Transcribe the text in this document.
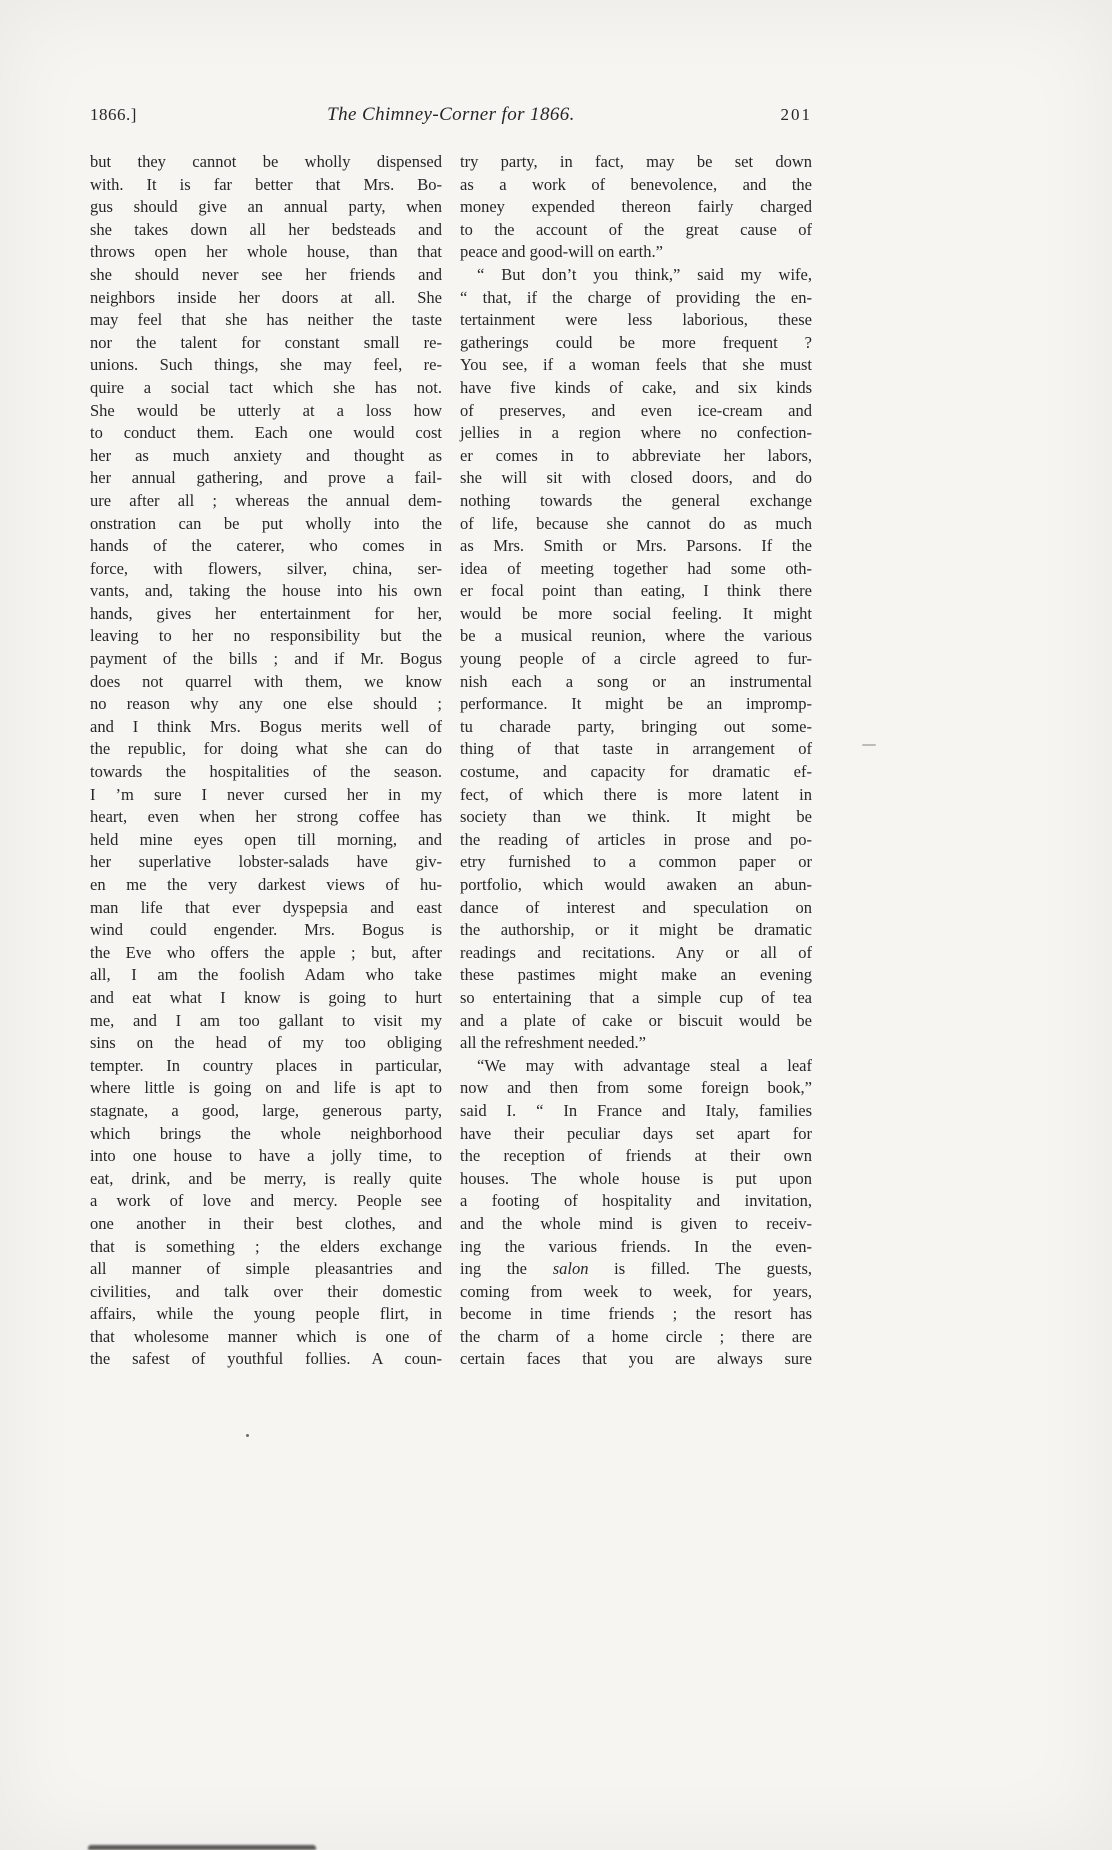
1866.]	The Chimney-Corner for 1866.	201
but they cannot be wholly dispensed
with. It is far better that Mrs. Bo-
gus should give an annual party, when
she takes down all her bedsteads and
throws open her whole house, than that
she should never see her friends and
neighbors inside her doors at all. She
may feel that she has neither the taste
nor the talent for constant small re-
unions. Such things, she may feel, re-
quire a social tact which she has not.
She would be utterly at a loss how
to conduct them. Each one would cost
her as much anxiety and thought as
her annual gathering, and prove a fail-
ure after all ; whereas the annual dem-
onstration can be put wholly into the
hands of the caterer, who comes in
force, with flowers, silver, china, ser-
vants, and, taking the house into his own
hands, gives her entertainment for her,
leaving to her no responsibility but the
payment of the bills ; and if Mr. Bogus
does not quarrel with them, we know
no reason why any one else should ;
and I think Mrs. Bogus merits well of
the republic, for doing what she can do
towards the hospitalities of the season.
I ’m sure I never cursed her in my
heart, even when her strong coffee has
held mine eyes open till morning, and
her superlative lobster-salads have giv-
en me the very darkest views of hu-
man life that ever dyspepsia and east
wind could engender. Mrs. Bogus is
the Eve who offers the apple ; but, after
all, I am the foolish Adam who take
and eat what I know is going to hurt
me, and I am too gallant to visit my
sins on the head of my too obliging
tempter. In country places in particular,
where little is going on and life is apt to
stagnate, a good, large, generous party,
which brings the whole neighborhood
into one house to have a jolly time, to
eat, drink, and be merry, is really quite
a work of love and mercy. People see
one another in their best clothes, and
that is something ; the elders exchange
all manner of simple pleasantries and
civilities, and talk over their domestic
affairs, while the young people flirt, in
that wholesome manner which is one of
the safest of youthful follies. A coun-
try party, in fact, may be set down
as a work of benevolence, and the
money expended thereon fairly charged
to the account of the great cause of
peace and good-will on earth.”
“ But don’t you think,” said my wife,
“ that, if the charge of providing the en-
tertainment were less laborious, these
gatherings could be more frequent ?
You see, if a woman feels that she must
have five kinds of cake, and six kinds
of preserves, and even ice-cream and
jellies in a region where no confection-
er comes in to abbreviate her labors,
she will sit with closed doors, and do
nothing towards the general exchange
of life, because she cannot do as much
as Mrs. Smith or Mrs. Parsons. If the
idea of meeting together had some oth-
er focal point than eating, I think there
would be more social feeling. It might
be a musical reunion, where the various
young people of a circle agreed to fur-
nish each a song or an instrumental
performance. It might be an impromp-
tu charade party, bringing out some-
thing of that taste in arrangement of
costume, and capacity for dramatic ef-
fect, of which there is more latent in
society than we think. It might be
the reading of articles in prose and po-
etry furnished to a common paper or
portfolio, which would awaken an abun-
dance of interest and speculation on
the authorship, or it might be dramatic
readings and recitations. Any or all of
these pastimes might make an evening
so entertaining that a simple cup of tea
and a plate of cake or biscuit would be
all the refreshment needed.”
“We may with advantage steal a leaf
now and then from some foreign book,”
said I. “ In France and Italy, families
have their peculiar days set apart for
the reception of friends at their own
houses. The whole house is put upon
a footing of hospitality and invitation,
and the whole mind is given to receiv-
ing the various friends. In the even-
ing the salon is filled. The guests,
coming from week to week, for years,
become in time friends ; the resort has
the charm of a home circle ; there are
certain faces that you are always sure
